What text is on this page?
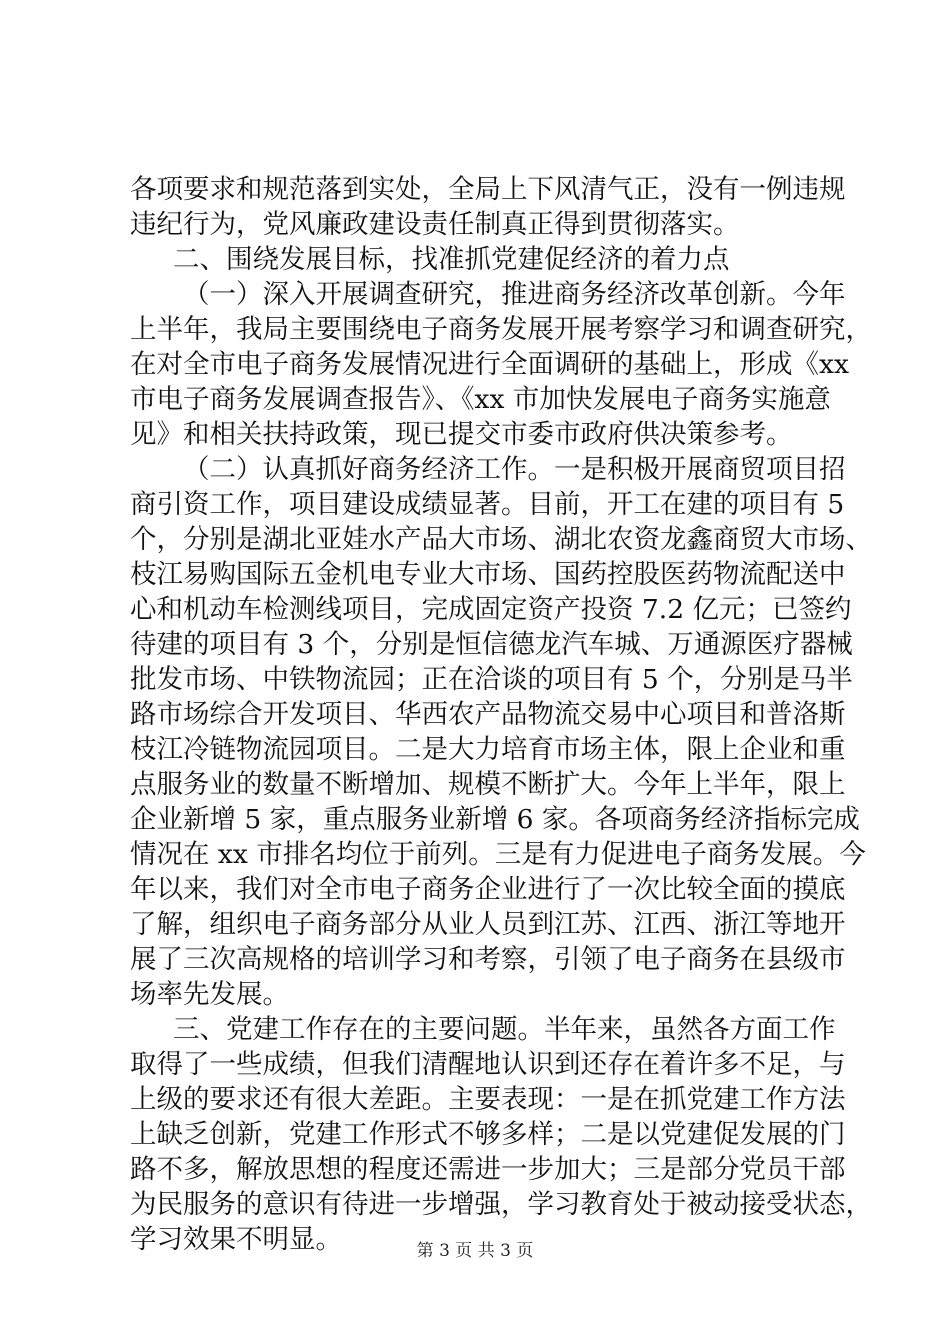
各项要求和规范落到实处，全局上下风清气正，没有一例违规
违纪行为，党风廉政建设责任制真正得到贯彻落实。
二、围绕发展目标，找准抓党建促经济的着力点
（一）深入开展调查研究，推进商务经济改革创新。今年
上半年，我局主要围绕电子商务发展开展考察学习和调查研究，
在对全市电子商务发展情况进行全面调研的基础上，形成《xx
市电子商务发展调查报告》、《xx 市加快发展电子商务实施意
见》和相关扶持政策，现已提交市委市政府供决策参考。
（二）认真抓好商务经济工作。一是积极开展商贸项目招
商引资工作，项目建设成绩显著。目前，开工在建的项目有 5
个，分别是湖北亚娃水产品大市场、湖北农资龙鑫商贸大市场、
枝江易购国际五金机电专业大市场、国药控股医药物流配送中
心和机动车检测线项目，完成固定资产投资 7.2 亿元；已签约
待建的项目有 3 个，分别是恒信德龙汽车城、万通源医疗器械
批发市场、中铁物流园；正在洽谈的项目有 5 个，分别是马半
路市场综合开发项目、华西农产品物流交易中心项目和普洛斯
枝江冷链物流园项目。二是大力培育市场主体，限上企业和重
点服务业的数量不断增加、规模不断扩大。今年上半年，限上
企业新增 5 家，重点服务业新增 6 家。各项商务经济指标完成
情况在 xx 市排名均位于前列。三是有力促进电子商务发展。今
年以来，我们对全市电子商务企业进行了一次比较全面的摸底
了解，组织电子商务部分从业人员到江苏、江西、浙江等地开
展了三次高规格的培训学习和考察，引领了电子商务在县级市
场率先发展。
三、党建工作存在的主要问题。半年来，虽然各方面工作
取得了一些成绩，但我们清醒地认识到还存在着许多不足，与
上级的要求还有很大差距。主要表现：一是在抓党建工作方法
上缺乏创新，党建工作形式不够多样；二是以党建促发展的门
路不多，解放思想的程度还需进一步加大；三是部分党员干部
为民服务的意识有待进一步增强，学习教育处于被动接受状态，
学习效果不明显。	第 3 页 共 3 页
